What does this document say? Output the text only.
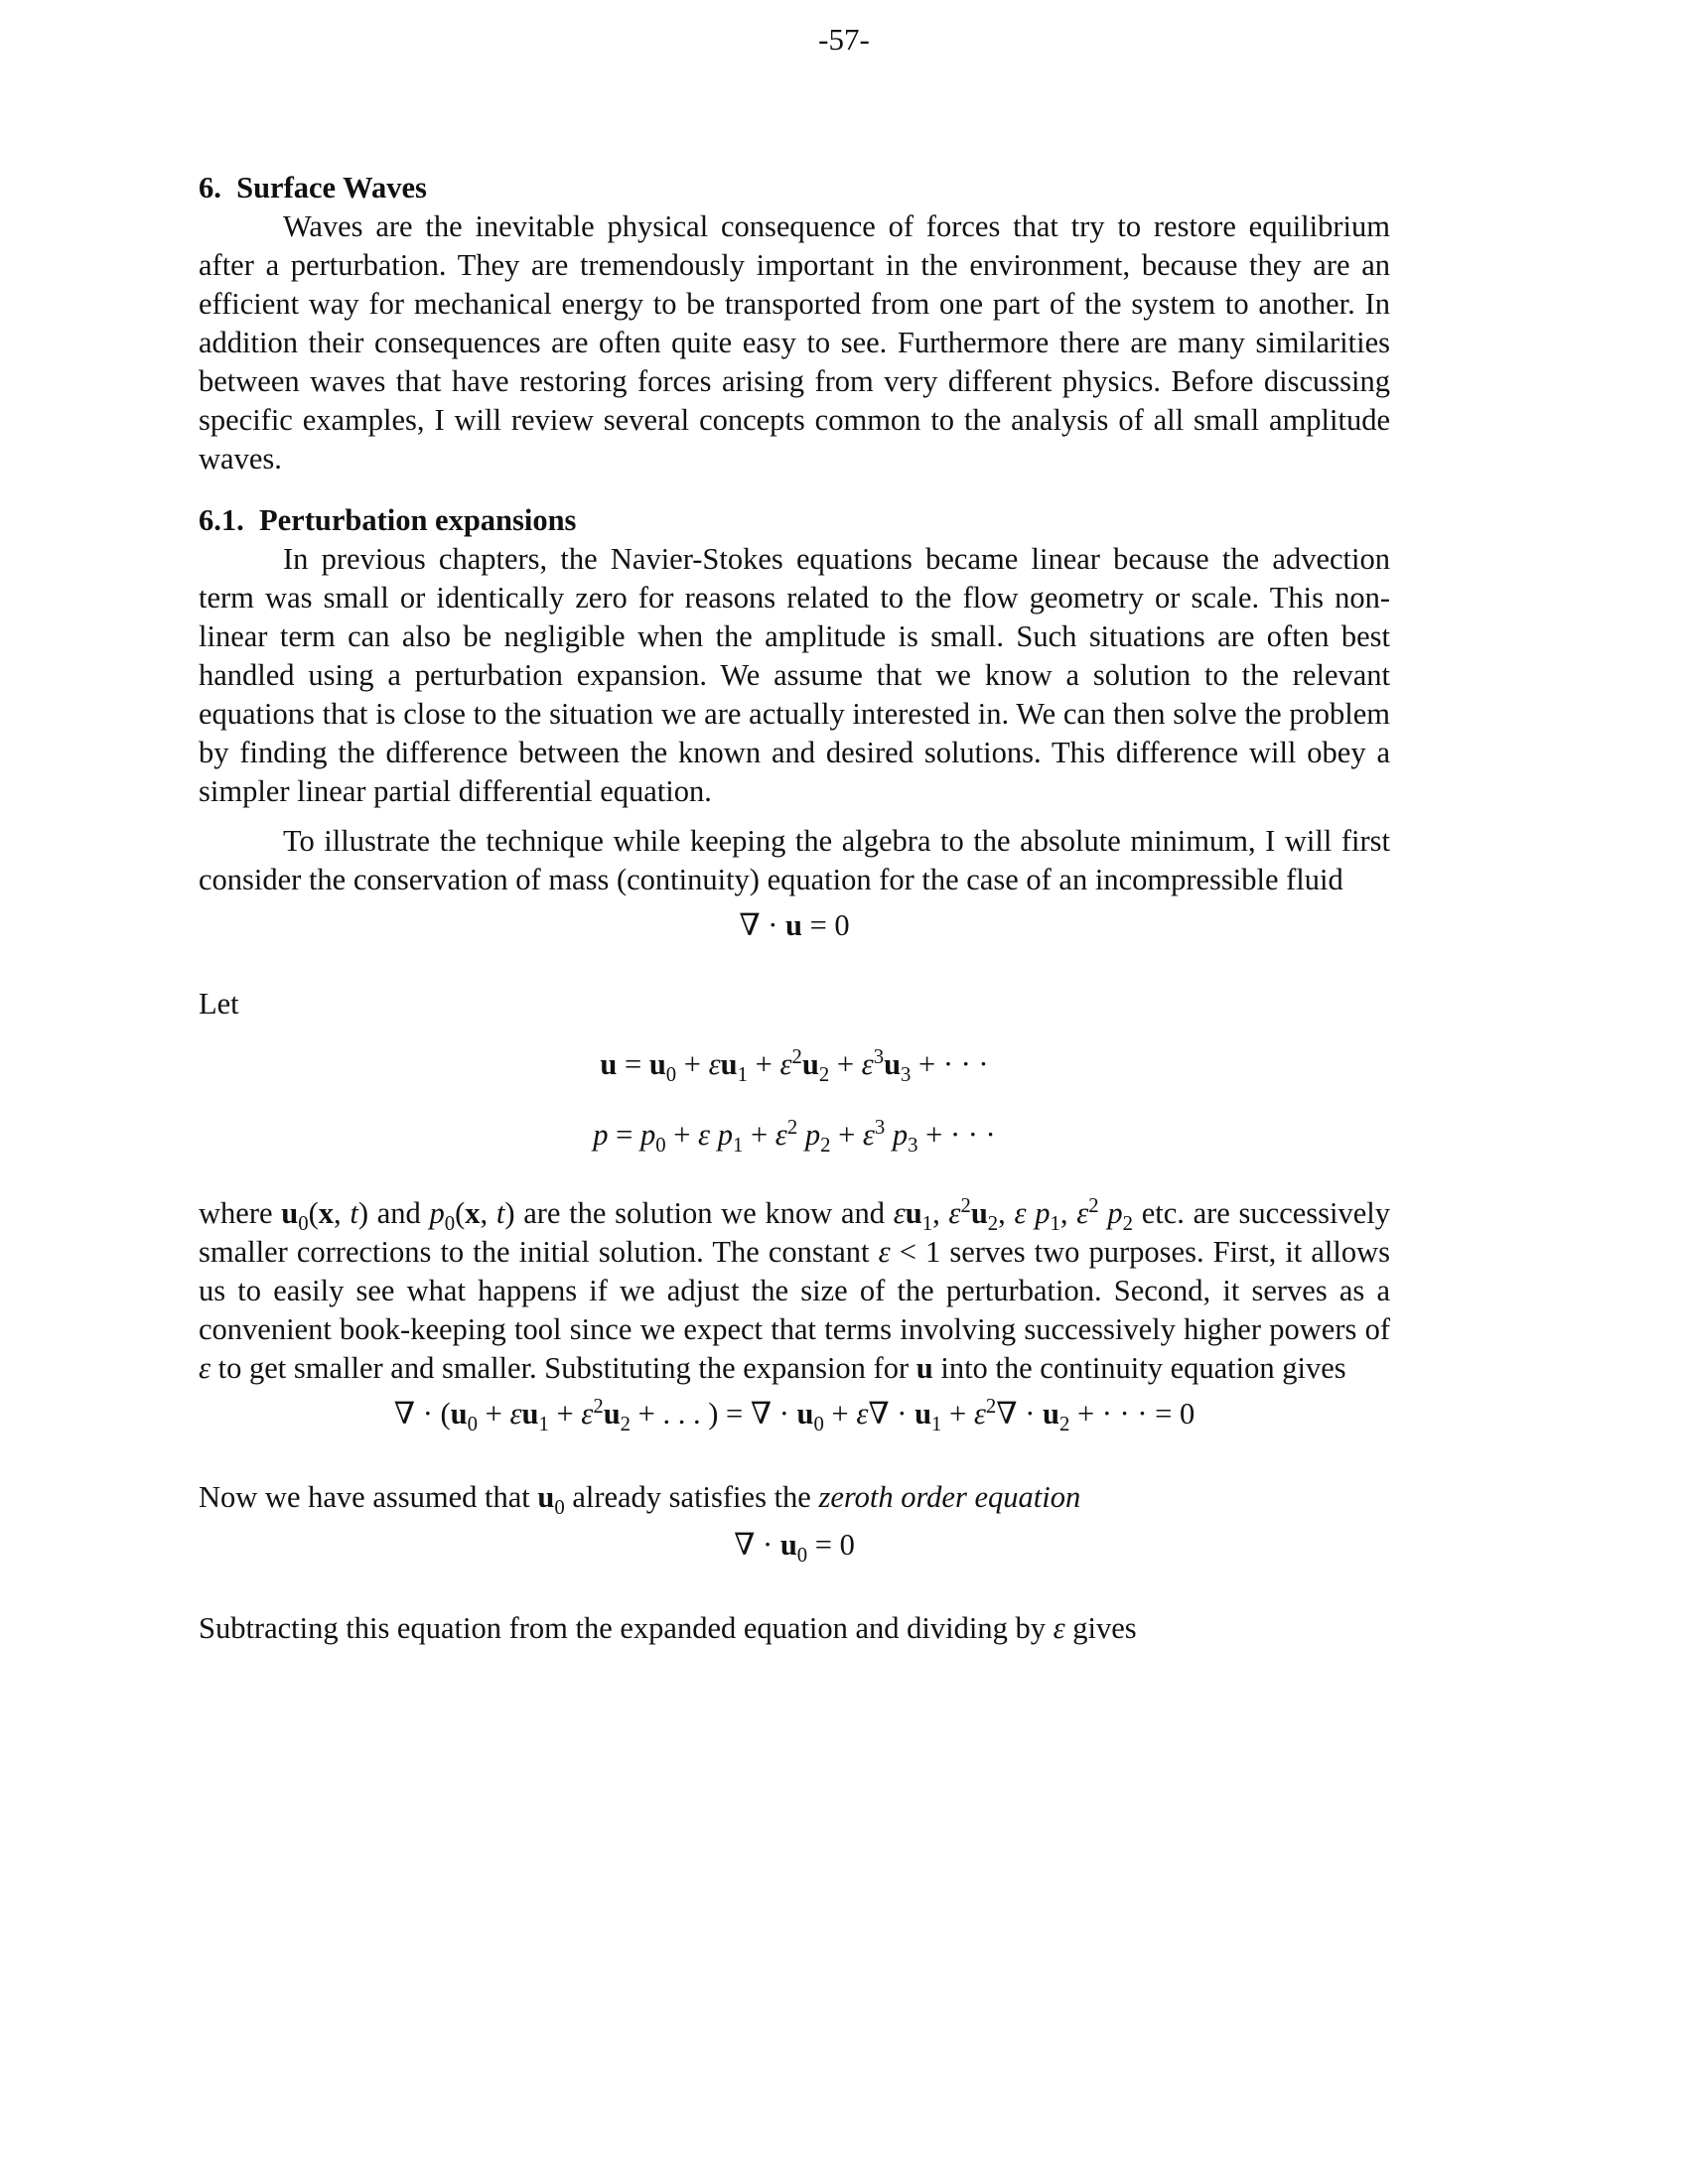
-57-
6. Surface Waves

Waves are the inevitable physical consequence of forces that try to restore equilibrium after a perturbation. They are tremendously important in the environment, because they are an efficient way for mechanical energy to be transported from one part of the system to another. In addition their consequences are often quite easy to see. Furthermore there are many similarities between waves that have restoring forces arising from very different physics. Before discussing specific examples, I will review several concepts common to the analysis of all small amplitude waves.

6.1. Perturbation expansions

In previous chapters, the Navier-Stokes equations became linear because the advection term was small or identically zero for reasons related to the flow geometry or scale. This non-linear term can also be negligible when the amplitude is small. Such situations are often best handled using a perturbation expansion. We assume that we know a solution to the relevant equations that is close to the situation we are actually interested in. We can then solve the problem by finding the difference between the known and desired solutions. This difference will obey a simpler linear partial differential equation.

To illustrate the technique while keeping the algebra to the absolute minimum, I will first consider the conservation of mass (continuity) equation for the case of an incompressible fluid

∇ · u = 0

Let

$u = u_0 + \varepsilon u_1 + \varepsilon^2u_2 + \varepsilon^3u_3$ + · · ·
$p = p_0 + \varepsilon$ $p_1 + \varepsilon^2$ $p_2 + \varepsilon^3$ $p_3$ + · · ·

where $u_0(x$, t) and $p_0(x$, t) are the solution we know and $\varepsilon u_1$, $\varepsilon^2u_2$, ε $p_1$, $\varepsilon^2$ $p_2$ etc. are successively smaller corrections to the initial solution. The constant ε < 1 serves two purposes. First, it allows us to easily see what happens if we adjust the size of the perturbation. Second, it serves as a convenient book-keeping tool since we expect that terms involving successively higher powers of ε to get smaller and smaller. Substituting the expansion for u into the continuity equation gives

∇ · ($u_0 + \varepsilon u_1 + \varepsilon^2u_2$ + . . . ) = ∇ · $u_0 + \varepsilon\nabla \cdot u_1 + \varepsilon^2\nabla \cdot u_2$ + · · · = 0

Now we have assumed that $u_0$ already satisfies the zeroth order equation

∇ · $u_0 = 0$

Subtracting this equation from the expanded equation and dividing by ε gives
